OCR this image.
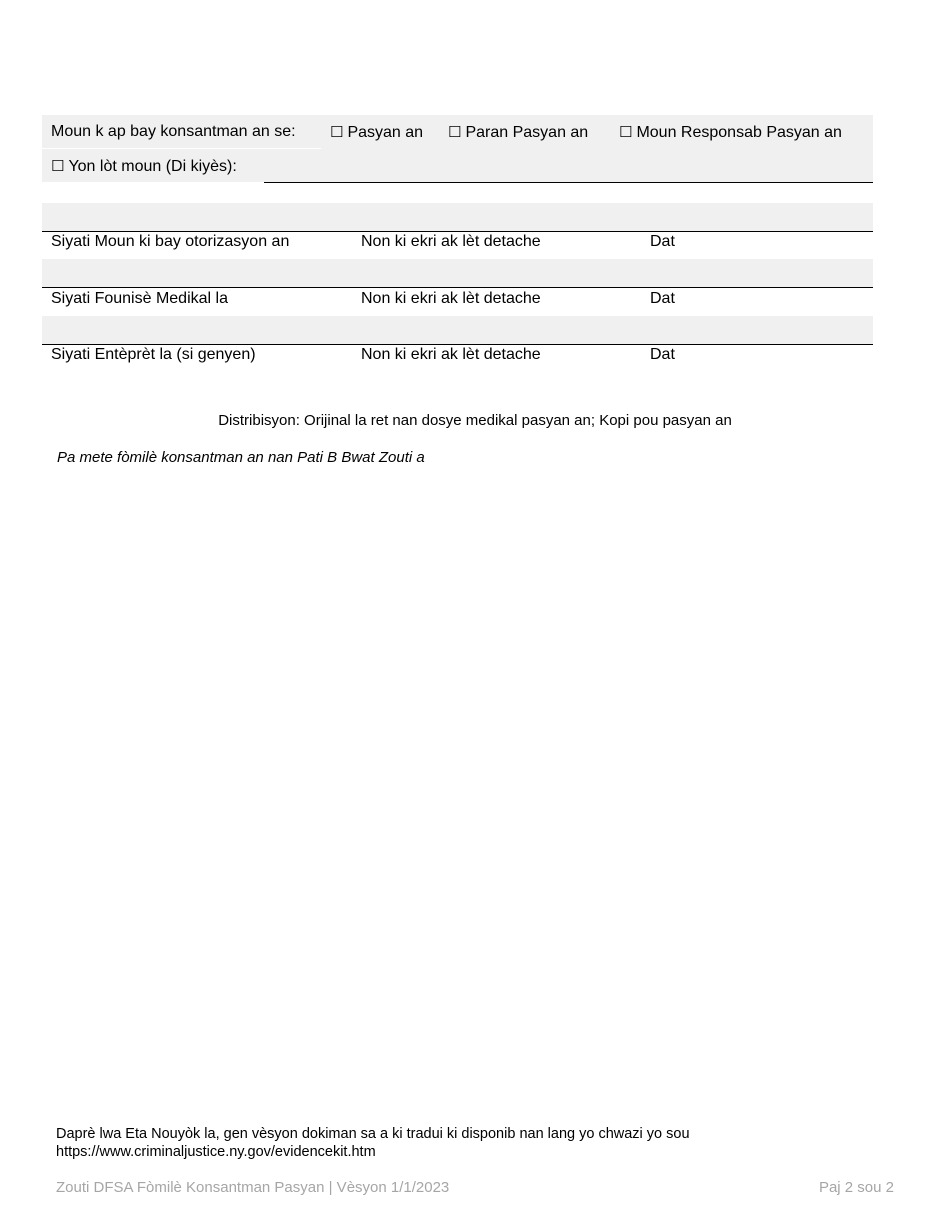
Moun k ap bay konsantman an se: ☐ Pasyan an ☐ Paran Pasyan an ☐ Moun Responsab Pasyan an
☐ Yon lòt moun (Di kiyès):
Siyati Moun ki bay otorizasyon an	Non ki ekri ak lèt detache	Dat
Siyati Founisè Medikal la	Non ki ekri ak lèt detache	Dat
Siyati Entèprèt la (si genyen)	Non ki ekri ak lèt detache	Dat
Distribisyon: Orijinal la ret nan dosye medikal pasyan an; Kopi pou pasyan an
Pa mete fòmilè konsantman an nan Pati B Bwat Zouti a
Daprè lwa Eta Nouyòk la, gen vèsyon dokiman sa a ki tradui ki disponib nan lang yo chwazi yo sou
https://www.criminaljustice.ny.gov/evidencekit.htm
Zouti DFSA Fòmilè Konsantman Pasyan | Vèsyon 1/1/2023	Paj 2 sou 2
